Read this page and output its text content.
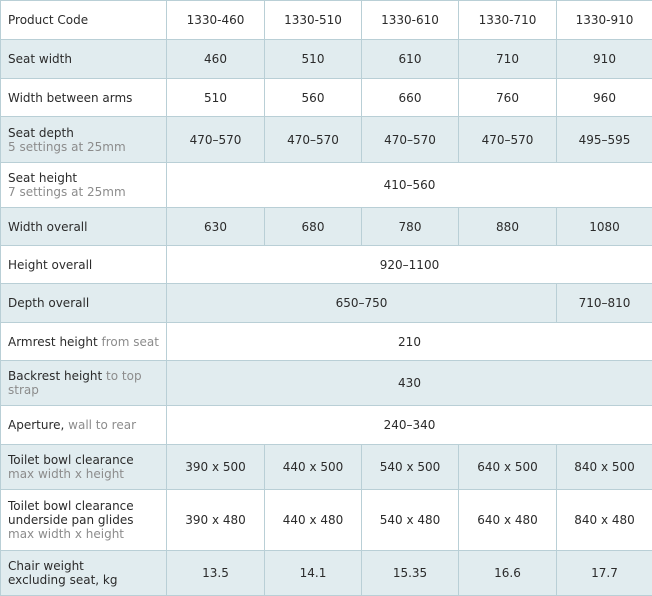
Product Code	1330-460	1330-510	1330-610	1330-710	1330-910
Seat width	460	510	610	710	910
Width between arms	510	560	660	760	960

Seat depth
5 settings at 25mm	470–570	470–570	470–570	470–570	495–595

Seat height
7 settings at 25mm	410–560				
Width overall	630	680	780	880	1080
Height overall	920–1100				
Depth overall	650–750				710–810
Armrest height from seat	210				
Backrest height to top strap	430				
Aperture, wall to rear	240–340				

Toilet bowl clearance
max width x height	390 x 500	440 x 500	540 x 500	640 x 500	840 x 500

Toilet bowl clearance
underside pan glides
max width x height	390 x 480	440 x 480	540 x 480	640 x 480	840 x 480

Chair weight
excluding seat, kg	13.5	14.1	15.35	16.6	17.7
